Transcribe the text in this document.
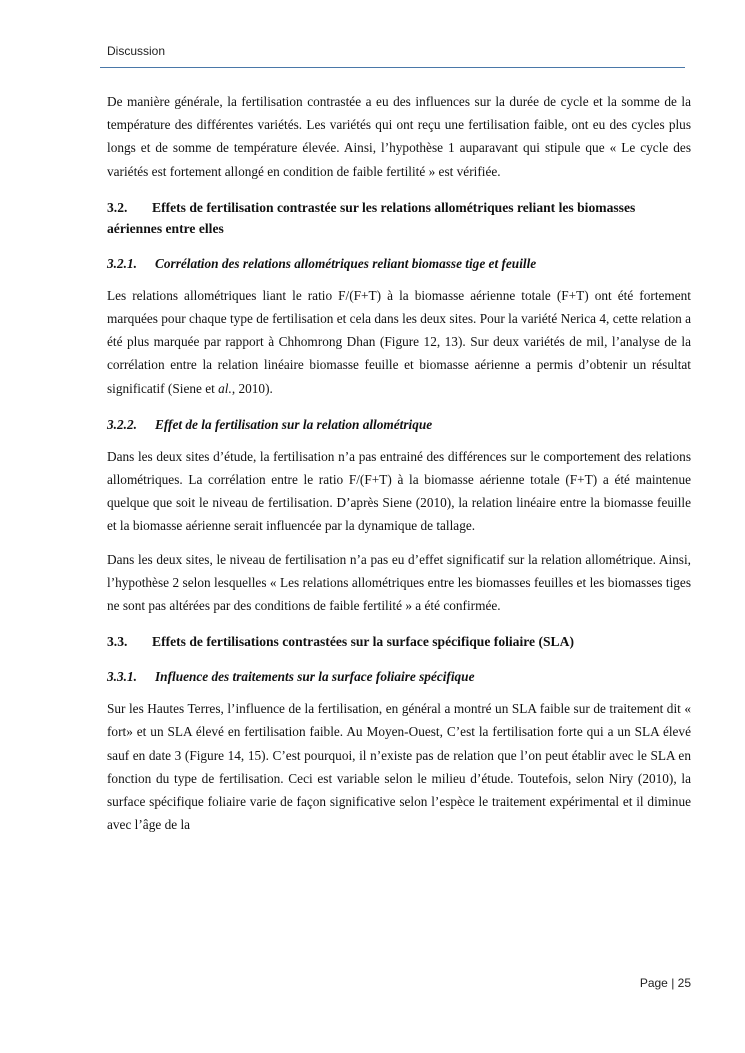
Discussion

De manière générale, la fertilisation contrastée a eu des influences sur la durée de cycle et la somme de la température des différentes variétés. Les variétés qui ont reçu une fertilisation faible, ont eu des cycles plus longs et de somme de température élevée. Ainsi, l’hypothèse 1 auparavant qui stipule que « Le cycle des variétés est fortement allongé en condition de faible fertilité » est vérifiée.

3.2. Effets de fertilisation contrastée sur les relations allométriques reliant les biomasses aériennes entre elles
3.2.1. Corrélation des relations allométriques reliant biomasse tige et feuille

Les relations allométriques liant le ratio F/(F+T) à la biomasse aérienne totale (F+T) ont été fortement marquées pour chaque type de fertilisation et cela dans les deux sites. Pour la variété Nerica 4, cette relation a été plus marquée par rapport à Chhomrong Dhan (Figure 12, 13). Sur deux variétés de mil, l’analyse de la corrélation entre la relation linéaire biomasse feuille et biomasse aérienne a permis d’obtenir un résultat significatif (Siene et al., 2010).

3.2.2. Effet de la fertilisation sur la relation allométrique

Dans les deux sites d’étude, la fertilisation n’a pas entrainé des différences sur le comportement des relations allométriques. La corrélation entre le ratio F/(F+T) à la biomasse aérienne totale (F+T) a été maintenue quelque que soit le niveau de fertilisation. D’après Siene (2010), la relation linéaire entre la biomasse feuille et la biomasse aérienne serait influencée par la dynamique de tallage.

Dans les deux sites, le niveau de fertilisation n’a pas eu d’effet significatif sur la relation allométrique. Ainsi, l’hypothèse 2 selon lesquelles « Les relations allométriques entre les biomasses feuilles et les biomasses tiges ne sont pas altérées par des conditions de faible fertilité » a été confirmée.

3.3. Effets de fertilisations contrastées sur la surface spécifique foliaire (SLA)
3.3.1. Influence des traitements sur la surface foliaire spécifique

Sur les Hautes Terres, l’influence de la fertilisation, en général a montré un SLA faible sur de traitement dit « fort» et un SLA élevé en fertilisation faible. Au Moyen-Ouest, C’est la fertilisation forte qui a un SLA élevé sauf en date 3 (Figure 14, 15). C’est pourquoi, il n’existe pas de relation que l’on peut établir avec le SLA en fonction du type de fertilisation. Ceci est variable selon le milieu d’étude. Toutefois, selon Niry (2010), la surface spécifique foliaire varie de façon significative selon l’espèce le traitement expérimental et il diminue avec l’âge de la

Page | 25
